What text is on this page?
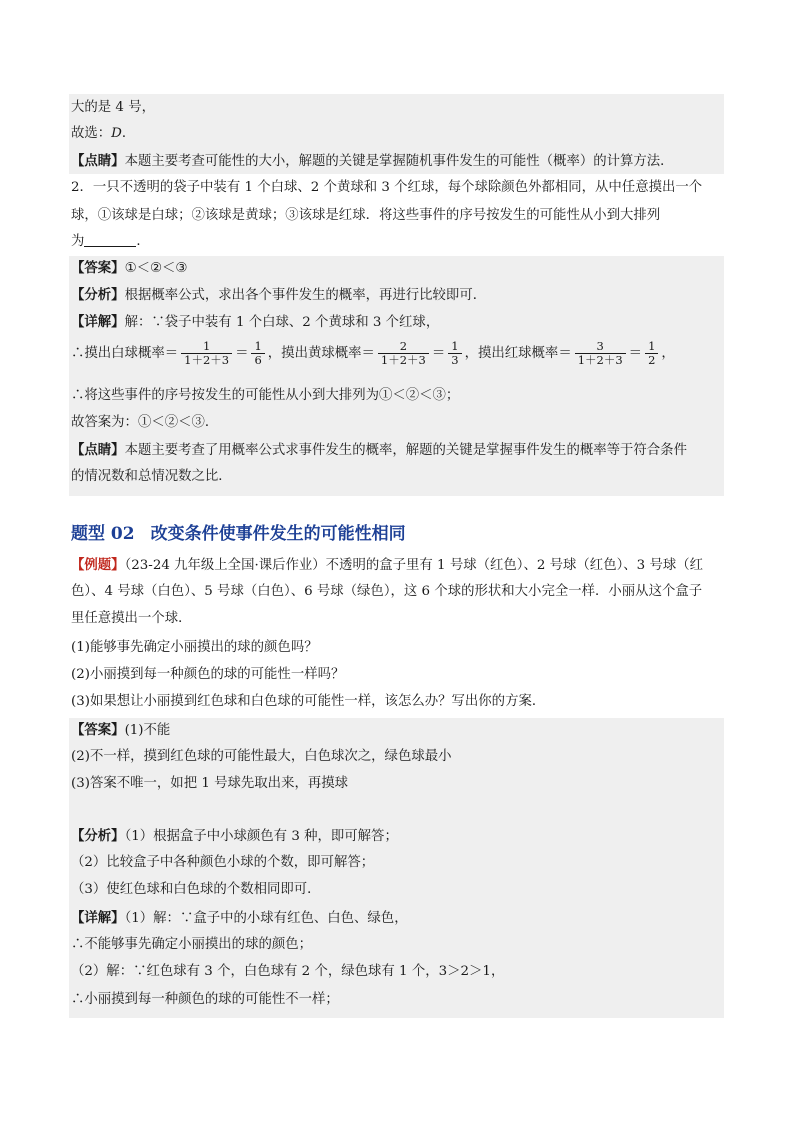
大的是 4 号，
故选：D．
【点睛】本题主要考查可能性的大小，解题的关键是掌握随机事件发生的可能性（概率）的计算方法．
2．一只不透明的袋子中装有 1 个白球、2 个黄球和 3 个红球，每个球除颜色外都相同，从中任意摸出一个
球，①该球是白球；②该球是黄球；③该球是红球．将这些事件的序号按发生的可能性从小到大排列
为	．
【答案】①＜②＜③
【分析】根据概率公式，求出各个事件发生的概率，再进行比较即可．
【详解】解：∵袋子中装有 1 个白球、2 个黄球和 3 个红球，
∴摸出白球概率＝ $\frac{1}{1+2+3} = \frac{1}{6}$ ，摸出黄球概率＝ $\frac{2}{1+2+3} = \frac{1}{3}$ ，摸出红球概率＝ $\frac{3}{1+2+3} = \frac{1}{2}$ ，
∴将这些事件的序号按发生的可能性从小到大排列为①＜②＜③；
故答案为：①＜②＜③．
【点睛】本题主要考查了用概率公式求事件发生的概率，解题的关键是掌握事件发生的概率等于符合条件
的情况数和总情况数之比．
题型 02 改变条件使事件发生的可能性相同
【例题】（23-24 九年级上全国·课后作业）不透明的盒子里有 1 号球（红色）、2 号球（红色）、3 号球（红
色）、4 号球（白色）、5 号球（白色）、6 号球（绿色），这 6 个球的形状和大小完全一样．小丽从这个盒子
里任意摸出一个球．
(1)能够事先确定小丽摸出的球的颜色吗？
(2)小丽摸到每一种颜色的球的可能性一样吗？
(3)如果想让小丽摸到红色球和白色球的可能性一样，该怎么办？写出你的方案．
【答案】(1)不能
(2)不一样，摸到红色球的可能性最大，白色球次之，绿色球最小
(3)答案不唯一，如把 1 号球先取出来，再摸球
【分析】（1）根据盒子中小球颜色有 3 种，即可解答；
（2）比较盒子中各种颜色小球的个数，即可解答；
（3）使红色球和白色球的个数相同即可．
【详解】（1）解：∵盒子中的小球有红色、白色、绿色，
∴不能够事先确定小丽摸出的球的颜色；
（2）解：∵红色球有 3 个，白色球有 2 个，绿色球有 1 个，3＞2＞1，
∴小丽摸到每一种颜色的球的可能性不一样；
